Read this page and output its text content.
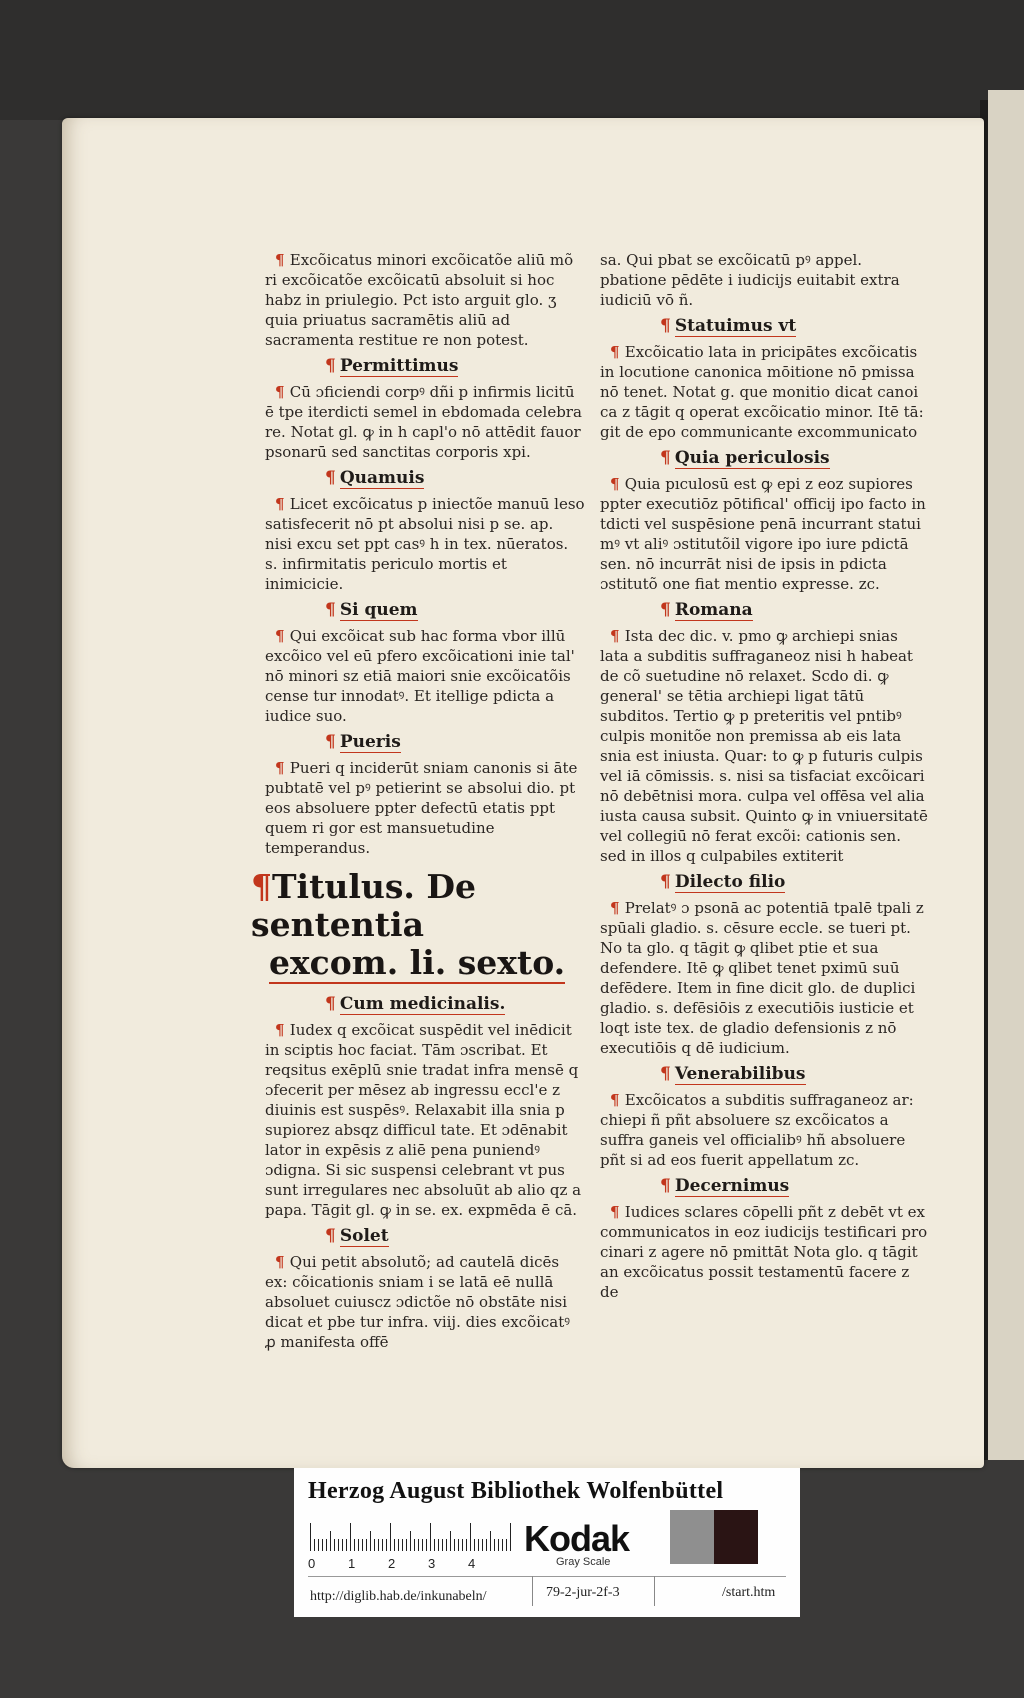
¶ Excõicatus minori excõicatõe aliū mõ ri excõicatõe excõicatū absoluit si hoc habz in priulegio. Pct isto arguit glo. ʒ quia priuatus sacramētis aliū ad sacramenta restitue re non potest.
¶ Permittimus
¶ Cū ɔficiendi corpꝰ dñi p infirmis licitū ē tpe iterdicti semel in ebdomada celebra re. Notat gl. ꝙ in h capl'o nō attēdit fauor psonarū sed sanctitas corporis xpi.
¶ Quamuis
¶ Licet excõicatus p iniectõe manuū leso satisfecerit nō pt absolui nisi p se. ap. nisi excu set ppt casꝰ h in tex. nūeratos. s. infirmitatis periculo mortis et inimicicie.
¶ Si quem
¶ Qui excõicat sub hac forma vbor illū excõico vel eū pfero excõicationi inie tal' nō minori sz etiā maiori snie excõicatõis cense tur innodatꝰ. Et itellige pdicta a iudice suo.
¶ Pueris
¶ Pueri q inciderūt sniam canonis si āte pubtatē vel pꝰ petierint se absolui dio. pt eos absoluere ppter defectū etatis ppt quem ri gor est mansuetudine temperandus.
¶Titulus. De sententia
excom. li. sexto.
¶ Cum medicinalis.
¶ Iudex q excõicat suspēdit vel inēdicit in sciptis hoc faciat. Tām ɔscribat. Et reqsitus exēplū snie tradat infra mensē q ɔfecerit per mēsez ab ingressu eccl'e z diuinis est suspēsꝰ. Relaxabit illa snia p supiorez absqz difficul tate. Et ɔdēnabit lator in expēsis z aliē pena puniendꝰ ɔdigna. Si sic suspensi celebrant vt pus sunt irregulares nec absoluūt ab alio qz a papa. Tāgit gl. ꝙ in se. ex. expmēda ē cā.
¶ Solet
¶ Qui petit absolutõ; ad cautelā dicēs ex: cõicationis sniam i se latā eē nullā absoluet cuiuscz ɔdictõe nō obstāte nisi dicat et pbe tur infra. viij. dies excõicatꝰ ꝓ manifesta offē
sa. Qui pbat se excõicatū pꝰ appel. pbatione pēdēte i iudicijs euitabit extra iudiciū vō ñ.
¶ Statuimus vt
¶ Excõicatio lata in pricipātes excõicatis in locutione canonica mōitione nō pmissa nō tenet. Notat g. que monitio dicat canoi ca z tāgit q operat excõicatio minor. Itē tā: git de epo communicante excommunicato
¶ Quia periculosis
¶ Quia pıculosū est ꝙ epi z eoz supiores ppter executiōz pōtifical' officij ipo facto in tdicti vel suspēsione penā incurrant statui mꝰ vt aliꝰ ɔstitutõil vigore ipo iure pdictā sen. nō incurrāt nisi de ipsis in pdicta ɔstitutõ one fiat mentio expresse. zc.
¶ Romana
¶ Ista dec dic. v. pmo ꝙ archiepi snias lata a subditis suffraganeoz nisi h habeat de cõ suetudine nō relaxet. Scdo di. ꝙ general' se tētia archiepi ligat tātū subditos. Tertio ꝙ p preteritis vel pntibꝰ culpis monitõe non premissa ab eis lata snia est iniusta. Quar: to ꝙ p futuris culpis vel iā cōmissis. s. nisi sa tisfaciat excõicari nō debētnisi mora. culpa vel offēsa vel alia iusta causa subsit. Quinto ꝙ in vniuersitatē vel collegiū nō ferat excõi: cationis sen. sed in illos q culpabiles extiterit
¶ Dilecto filio
¶ Prelatꝰ ɔ psonā ac potentiā tpalē tpali z spūali gladio. s. cēsure eccle. se tueri pt. No ta glo. q tāgit ꝙ qlibet ptie et sua defendere. Itē ꝙ qlibet tenet pximū suū defēdere. Item in fine dicit glo. de duplici gladio. s. defēsiōis z executiōis iusticie et loqt iste tex. de gladio defensionis z nō executiōis q dē iudicium.
¶ Venerabilibus
¶ Excõicatos a subditis suffraganeoz ar: chiepi ñ pñt absoluere sz excõicatos a suffra ganeis vel officialibꝰ hñ absoluere pñt si ad eos fuerit appellatum zc.
¶ Decernimus
¶ Iudices sclares cōpelli pñt z debēt vt ex communicatos in eoz iudicijs testificari pro cinari z agere nō pmittāt Nota glo. q tāgit an excõicatus possit testamentū facere z de
Herzog August Bibliothek Wolfenbüttel
0	1	2	3	4
Kodak
Gray Scale
http://diglib.hab.de/inkunabeln/	79-2-jur-2f-3	/start.htm
